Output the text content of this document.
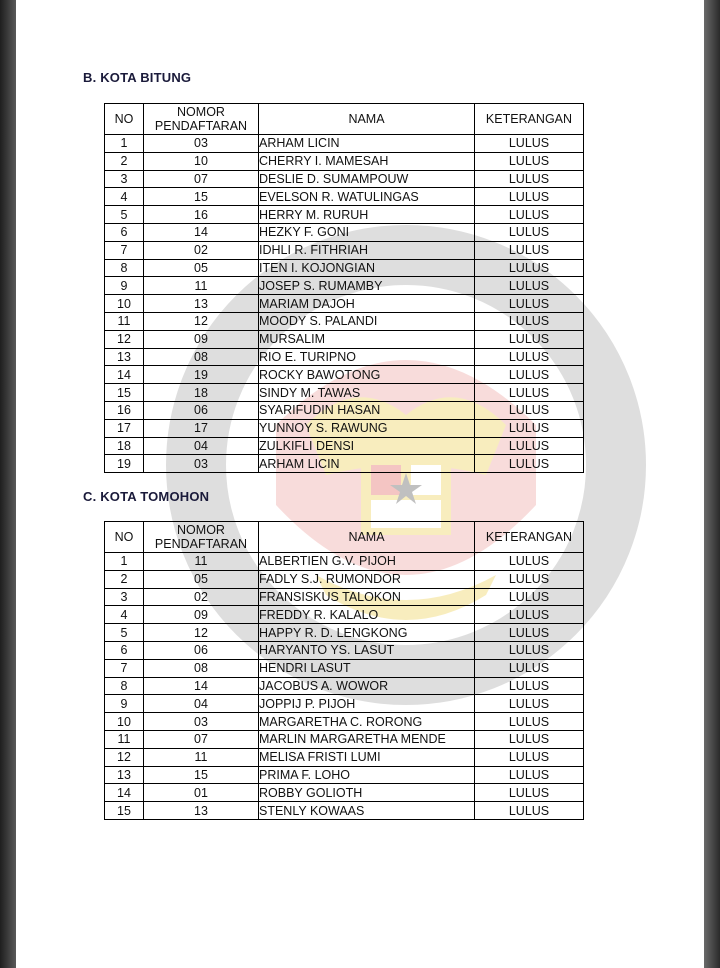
B. KOTA BITUNG
NO	NOMOR PENDAFTARAN	NAMA	KETERANGAN
1	03	ARHAM LICIN	LULUS
2	10	CHERRY I. MAMESAH	LULUS
3	07	DESLIE D. SUMAMPOUW	LULUS
4	15	EVELSON R. WATULINGAS	LULUS
5	16	HERRY M. RURUH	LULUS
6	14	HEZKY F. GONI	LULUS
7	02	IDHLI R. FITHRIAH	LULUS
8	05	ITEN I. KOJONGIAN	LULUS
9	11	JOSEP S. RUMAMBY	LULUS
10	13	MARIAM DAJOH	LULUS
11	12	MOODY S. PALANDI	LULUS
12	09	MURSALIM	LULUS
13	08	RIO E. TURIPNO	LULUS
14	19	ROCKY BAWOTONG	LULUS
15	18	SINDY M. TAWAS	LULUS
16	06	SYARIFUDIN HASAN	LULUS
17	17	YUNNOY S. RAWUNG	LULUS
18	04	ZULKIFLI DENSI	LULUS
19	03	ARHAM LICIN	LULUS
C. KOTA TOMOHON
NO	NOMOR PENDAFTARAN	NAMA	KETERANGAN
1	11	ALBERTIEN G.V. PIJOH	LULUS
2	05	FADLY S.J. RUMONDOR	LULUS
3	02	FRANSISKUS TALOKON	LULUS
4	09	FREDDY R. KALALO	LULUS
5	12	HAPPY R. D. LENGKONG	LULUS
6	06	HARYANTO YS. LASUT	LULUS
7	08	HENDRI LASUT	LULUS
8	14	JACOBUS A. WOWOR	LULUS
9	04	JOPPIJ P. PIJOH	LULUS
10	03	MARGARETHA C. RORONG	LULUS
11	07	MARLIN MARGARETHA MENDE	LULUS
12	11	MELISA FRISTI LUMI	LULUS
13	15	PRIMA F. LOHO	LULUS
14	01	ROBBY GOLIOTH	LULUS
15	13	STENLY KOWAAS	LULUS
